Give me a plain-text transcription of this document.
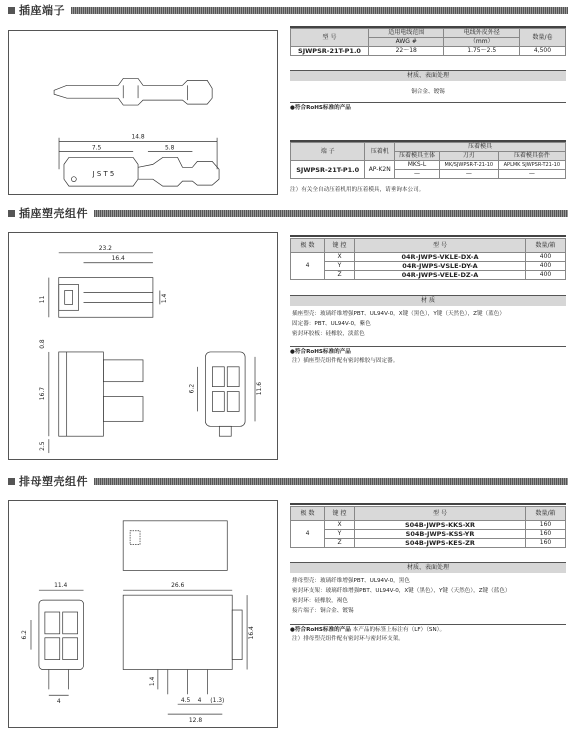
插座端子
14.8
7.5	5.8
J S T 5
型 号	适用电线范围	电线外皮外径	数量/卷
	AWG #	（mm）	
SJWPSR-21T-P1.0	22～18	1.75～2.5	4,500
材质、表面处理
铜合金、镀锡
●符合RoHS标准的产品
端 子	压着机	压着模具		
		压着模具主体	刀刃	压着模具套件
SJWPSR-21T-P1.0	AP-K2N	MKS-L	MK/SJWPSR-T-21-10	APLMK SJWPSR-T21-10
		—	—	—
注）有关全自动压着机用的压着模具，请垂询本公司。
插座塑壳组件
23.2
16.4
11	1.4
0.8
16.7
2.5
6.2	11.6
极 数	键 控	型 号	数量/箱
4	X	04R-JWPS-VKLE-DX-A	400
	Y	04R-JWPS-VSLE-DY-A	400
	Z	04R-JWPS-VELE-DZ-A	400
材 质
插座塑壳：玻璃纤维增强PBT、UL94V-0，X键（黑色），Y键（天然色），Z键（蓝色）
固定器：PBT、UL94V-0，紫色
密封环胶板：硅橡胶，淡蓝色
●符合RoHS标准的产品
注）插座塑壳组件配有密封橡胶与固定器。
排母塑壳组件
11.4	26.6
6.2	16.4
4
1.4
4.5 4 (1.3)
12.8
极 数	键 控	型 号	数量/箱
4	X	S04B-JWPS-KKS-XR	160
	Y	S04B-JWPS-KSS-YR	160
	Z	S04B-JWPS-KES-ZR	160
材质、表面处理
排母塑壳：玻璃纤维增强PBT、UL94V-0，黑色
密封环支架：玻璃纤维增强PBT、UL94V-0，X键（黑色），Y键（天然色），Z键（蓝色）
密封环：硅橡胶，褐色
接片端子：铜合金、镀锡
●符合RoHS标准的产品 本产品的标签上标注有（LF）（SN）。
注）排母塑壳组件配有密封环与密封环支架。
